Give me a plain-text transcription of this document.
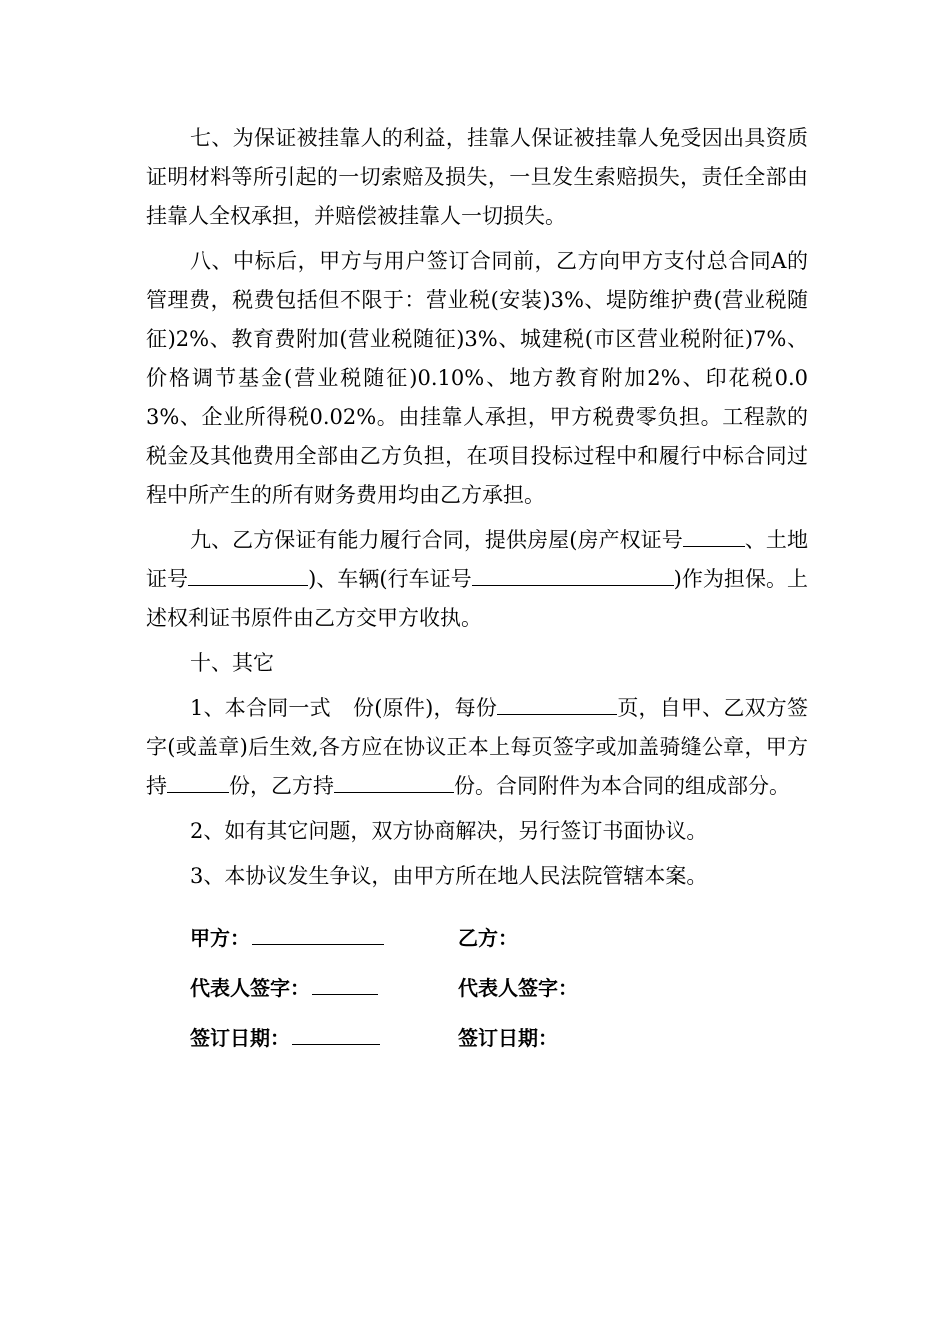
七、为保证被挂靠人的利益，挂靠人保证被挂靠人免受因出具资质证明材料等所引起的一切索赔及损失，一旦发生索赔损失，责任全部由挂靠人全权承担，并赔偿被挂靠人一切损失。

八、中标后，甲方与用户签订合同前，乙方向甲方支付总合同A的管理费，税费包括但不限于：营业税(安装)3%、堤防维护费(营业税随征)2%、教育费附加(营业税随征)3%、城建税(市区营业税附征)7%、价格调节基金(营业税随征)0.10%、地方教育附加2%、印花税0.03%、企业所得税0.02%。由挂靠人承担，甲方税费零负担。工程款的税金及其他费用全部由乙方负担，在项目投标过程中和履行中标合同过程中所产生的所有财务费用均由乙方承担。

九、乙方保证有能力履行合同，提供房屋(房产权证号	、土地证号	)、车辆(行车证号	)作为担保。上述权利证书原件由乙方交甲方收执。

十、其它

1、本合同一式 份(原件)，每份	页，自甲、乙双方签字(或盖章)后生效,各方应在协议正本上每页签字或加盖骑缝公章，甲方持	份，乙方持	份。合同附件为本合同的组成部分。

2、如有其它问题，双方协商解决，另行签订书面协议。

3、本协议发生争议，由甲方所在地人民法院管辖本案。

甲方：	乙方：
代表人签字：	代表人签字：
签订日期：	签订日期：
